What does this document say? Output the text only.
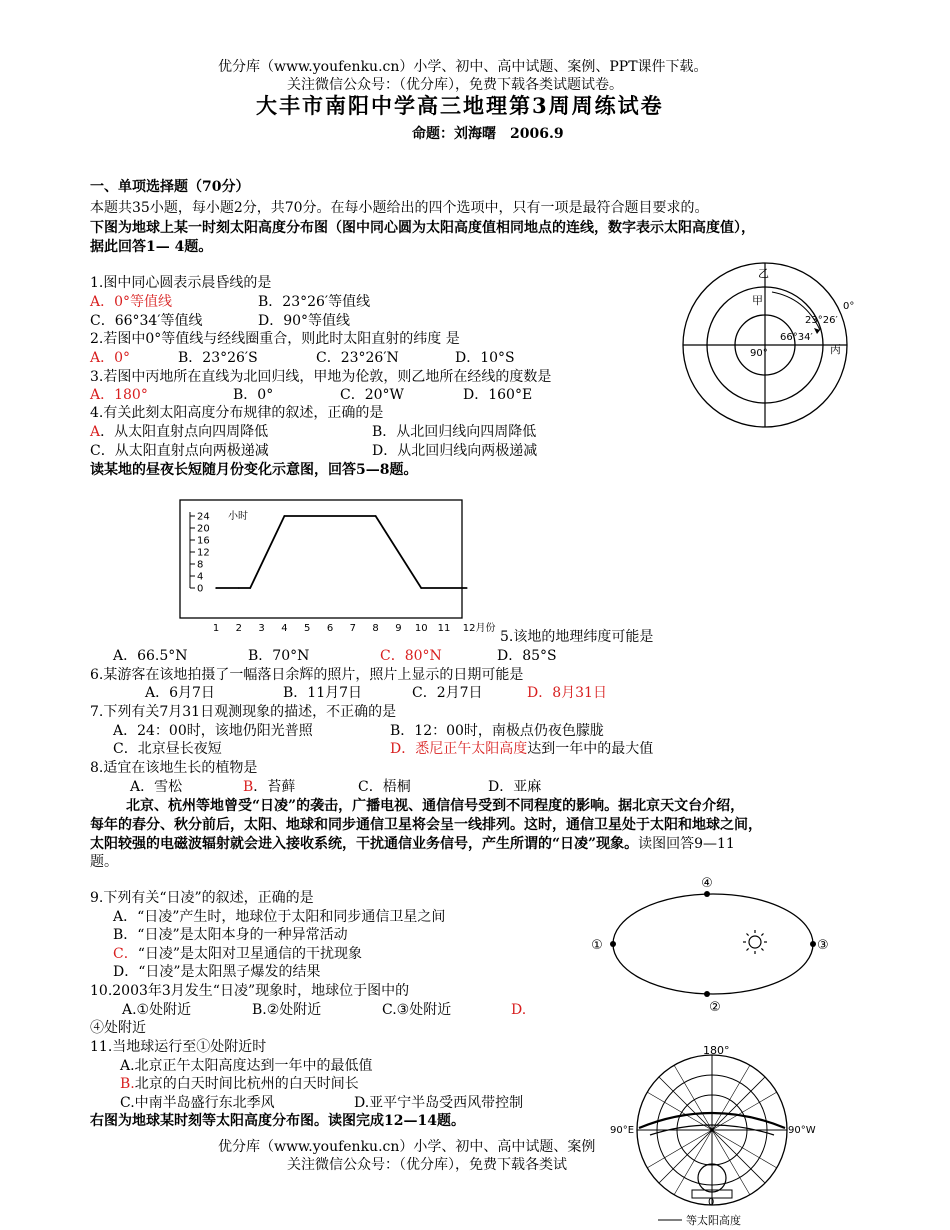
优分库（www.youfenku.cn）小学、初中、高中试题、案例、PPT课件下载。
关注微信公众号：（优分库），免费下载各类试题试卷。
大丰市南阳中学高三地理第3周周练试卷
命题：刘海曙　2006.9
一、单项选择题（70分）
本题共35小题，每小题2分，共70分。在每小题给出的四个选项中，只有一项是最符合题目要求的。
下图为地球上某一时刻太阳高度分布图（图中同心圆为太阳高度值相同地点的连线，数字表示太阳高度值），
据此回答1— 4题。
1.图中同心圆表示晨昏线的是
A．0°等值线	B．23°26′等值线
C．66°34′等值线	D．90°等值线
2.若图中0°等值线与经线圈重合，则此时太阳直射的纬度 是
A．0°	B．23°26′S	C．23°26′N	D．10°S
3.若图中丙地所在直线为北回归线，甲地为伦敦，则乙地所在经线的度数是
A．180°	B．0°	C．20°W	D．160°E
4.有关此刻太阳高度分布规律的叙述，正确的是
A．从太阳直射点向四周降低	B．从北回归线向四周降低
C．从太阳直射点向两极递减	D．从北回归线向两极递减
读某地的昼夜长短随月份变化示意图，回答5—8题。
乙
甲	0°
23°26′
66°34′
90°	丙
小时
24
20
16
12
8
4
0
1 2 3 4 5 6 7 8 9 10 11 12月份
5.该地的地理纬度可能是
A．66.5°N	B．70°N	C．80°N	D．85°S
6.某游客在该地拍摄了一幅落日余辉的照片，照片上显示的日期可能是
A．6月7日	B．11月7日	C．2月7日	D．8月31日
7.下列有关7月31日观测现象的描述，不正确的是
A．24：00时，该地仍阳光普照	B．12：00时，南极点仍夜色朦胧
C．北京昼长夜短	D．悉尼正午太阳高度达到一年中的最大值
8.适宜在该地生长的植物是
A．雪松	B．苔藓	C．梧桐	D．亚麻
北京、杭州等地曾受“日凌”的袭击，广播电视、通信信号受到不同程度的影响。据北京天文台介绍，
每年的春分、秋分前后，太阳、地球和同步通信卫星将会呈一线排列。这时，通信卫星处于太阳和地球之间，
太阳较强的电磁波辐射就会进入接收系统，干扰通信业务信号，产生所谓的“日凌”现象。读图回答9—11
题。
9.下列有关“日凌”的叙述，正确的是
A．“日凌”产生时，地球位于太阳和同步通信卫星之间
B．“日凌”是太阳本身的一种异常活动
C．“日凌”是太阳对卫星通信的干扰现象
D．“日凌”是太阳黑子爆发的结果
10.2003年3月发生“日凌”现象时，地球位于图中的
A.①处附近	B.②处附近	C.③处附近	D.
④处附近
11.当地球运行至①处附近时
A.北京正午太阳高度达到一年中的最低值
B.北京的白天时间比杭州的白天时间长
C.中南半岛盛行东北季风	D.亚平宁半岛受西风带控制
右图为地球某时刻等太阳高度分布图。读图完成12—14题。
④
①	③
②
180°
90°E	90°W
0
等太阳高度
优分库（www.youfenku.cn）小学、初中、高中试题、案例
关注微信公众号：（优分库），免费下载各类试
